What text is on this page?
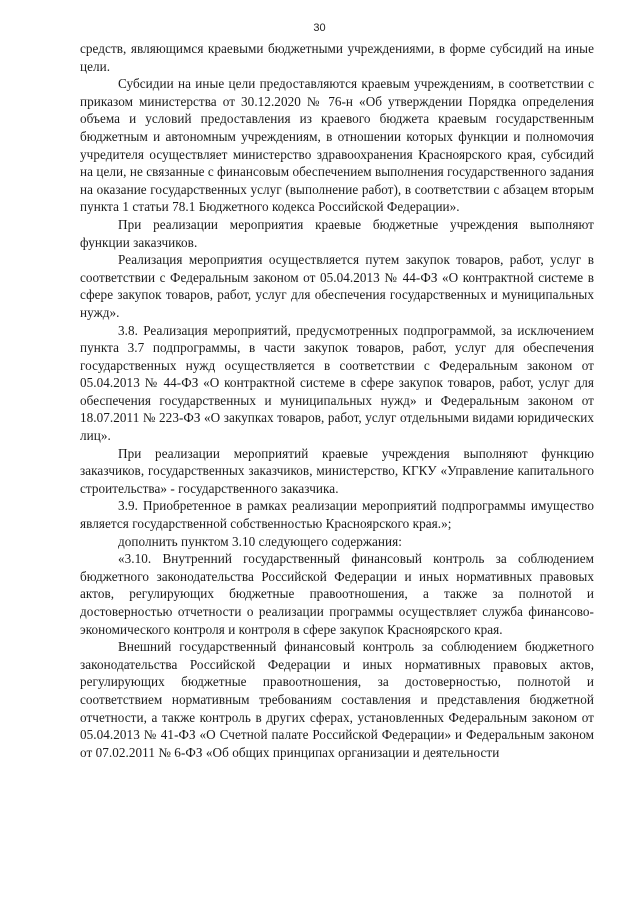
30

средств, являющимся краевыми бюджетными учреждениями, в форме субсидий на иные цели.

Субсидии на иные цели предоставляются краевым учреждениям, в соответствии с приказом министерства от 30.12.2020 № 76-н «Об утверждении Порядка определения объема и условий предоставления из краевого бюджета краевым государственным бюджетным и автономным учреждениям, в отношении которых функции и полномочия учредителя осуществляет министерство здравоохранения Красноярского края, субсидий на цели, не связанные с финансовым обеспечением выполнения государственного задания на оказание государственных услуг (выполнение работ), в соответствии с абзацем вторым пункта 1 статьи 78.1 Бюджетного кодекса Российской Федерации».

При реализации мероприятия краевые бюджетные учреждения выполняют функции заказчиков.

Реализация мероприятия осуществляется путем закупок товаров, работ, услуг в соответствии с Федеральным законом от 05.04.2013 № 44-ФЗ «О контрактной системе в сфере закупок товаров, работ, услуг для обеспечения государственных и муниципальных нужд».

3.8. Реализация мероприятий, предусмотренных подпрограммой, за исключением пункта 3.7 подпрограммы, в части закупок товаров, работ, услуг для обеспечения государственных нужд осуществляется в соответствии с Федеральным законом от 05.04.2013 № 44-ФЗ «О контрактной системе в сфере закупок товаров, работ, услуг для обеспечения государственных и муниципальных нужд» и Федеральным законом от 18.07.2011 № 223-ФЗ «О закупках товаров, работ, услуг отдельными видами юридических лиц».

При реализации мероприятий краевые учреждения выполняют функцию заказчиков, государственных заказчиков, министерство, КГКУ «Управление капитального строительства» - государственного заказчика.

3.9. Приобретенное в рамках реализации мероприятий подпрограммы имущество является государственной собственностью Красноярского края.»;

дополнить пунктом 3.10 следующего содержания:

«3.10. Внутренний государственный финансовый контроль за соблюдением бюджетного законодательства Российской Федерации и иных нормативных правовых актов, регулирующих бюджетные правоотношения, а также за полнотой и достоверностью отчетности о реализации программы осуществляет служба финансово-экономического контроля и контроля в сфере закупок Красноярского края.

Внешний государственный финансовый контроль за соблюдением бюджетного законодательства Российской Федерации и иных нормативных правовых актов, регулирующих бюджетные правоотношения, за достоверностью, полнотой и соответствием нормативным требованиям составления и представления бюджетной отчетности, а также контроль в других сферах, установленных Федеральным законом от 05.04.2013 № 41-ФЗ «О Счетной палате Российской Федерации» и Федеральным законом от 07.02.2011 № 6-ФЗ «Об общих принципах организации и деятельности
